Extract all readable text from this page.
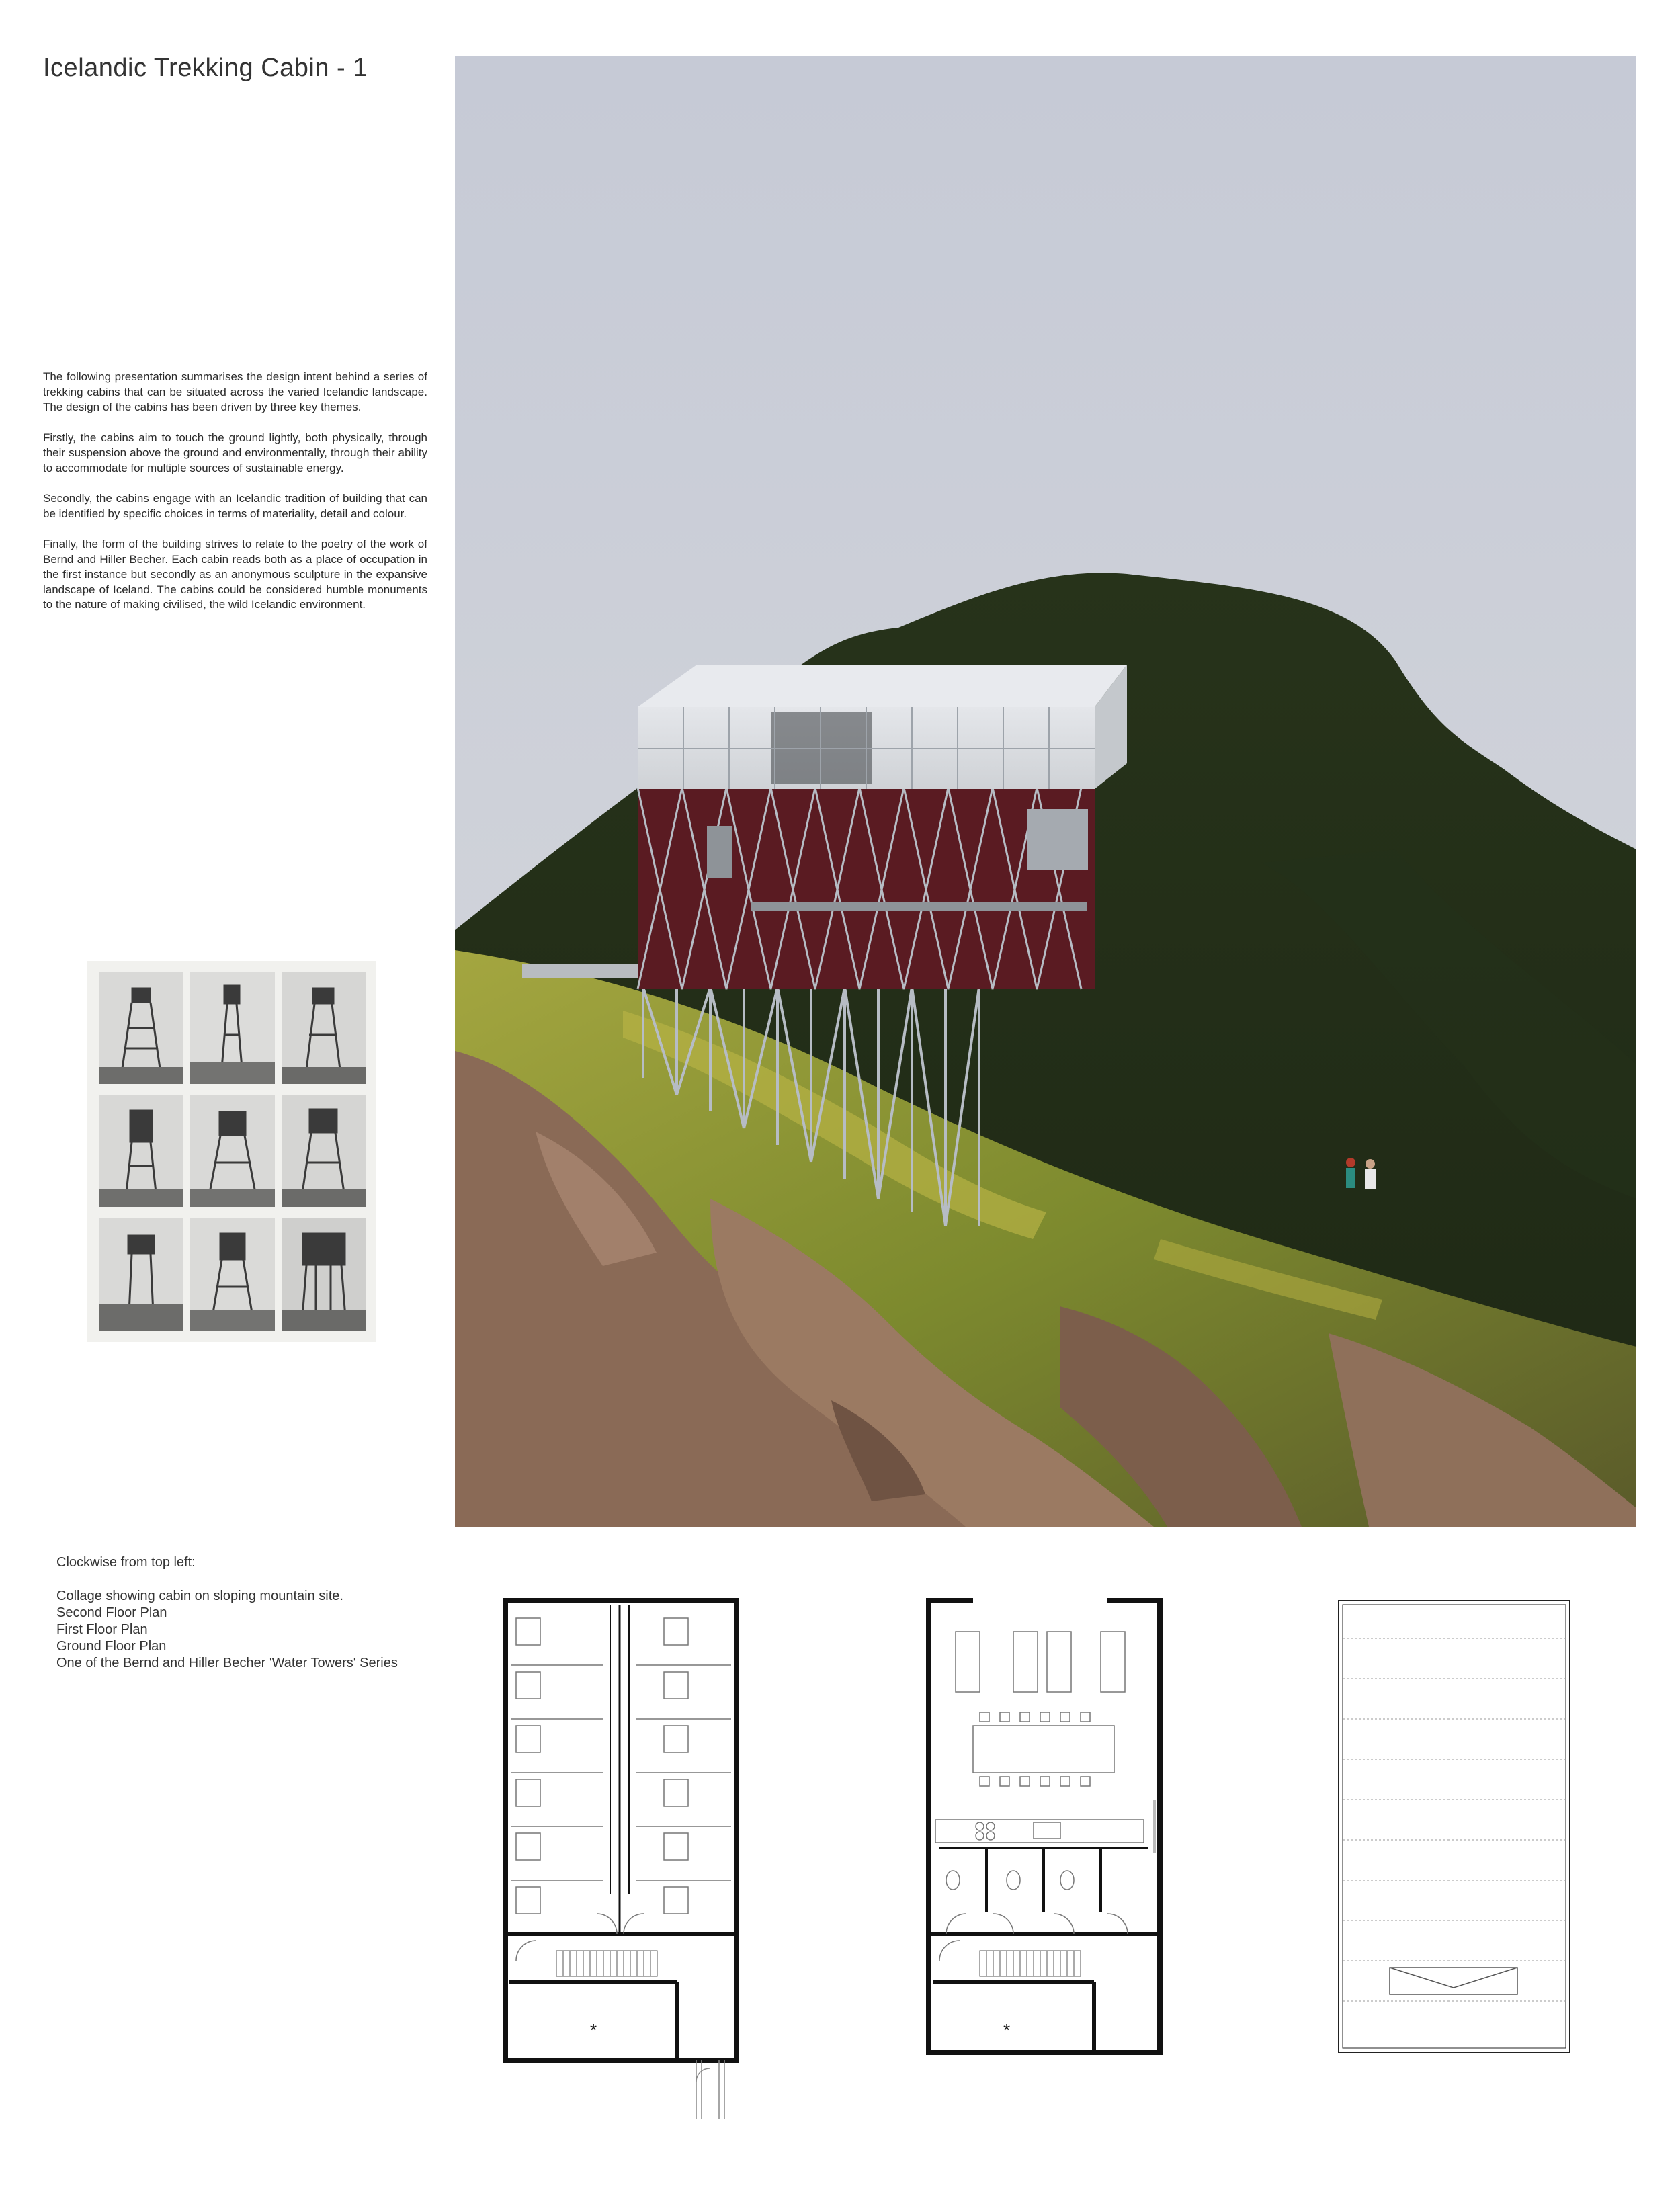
Icelandic Trekking Cabin - 1

The following presentation summarises the design intent behind a series of trekking cabins that can be situated across the varied Icelandic landscape. The design of the cabins has been driven by three key themes.

Firstly, the cabins aim to touch the ground lightly, both physically, through their suspension above the ground and environmentally, through their ability to accommodate for multiple sources of sustainable energy.

Secondly, the cabins engage with an Icelandic tradition of building that can be identified by specific choices in terms of materiality, detail and colour.

Finally, the form of the building strives to relate to the poetry of the work of Bernd and Hiller Becher. Each cabin reads both as a place of occupation in the first instance but secondly as an anonymous sculpture in the expansive landscape of Iceland. The cabins could be considered humble monuments to the nature of making civilised, the wild Icelandic environment.

Clockwise from top left:
Collage showing cabin on sloping mountain site.
Second Floor Plan
First Floor Plan
Ground Floor Plan
One of the Bernd and Hiller Becher 'Water Towers' Series
*	*
